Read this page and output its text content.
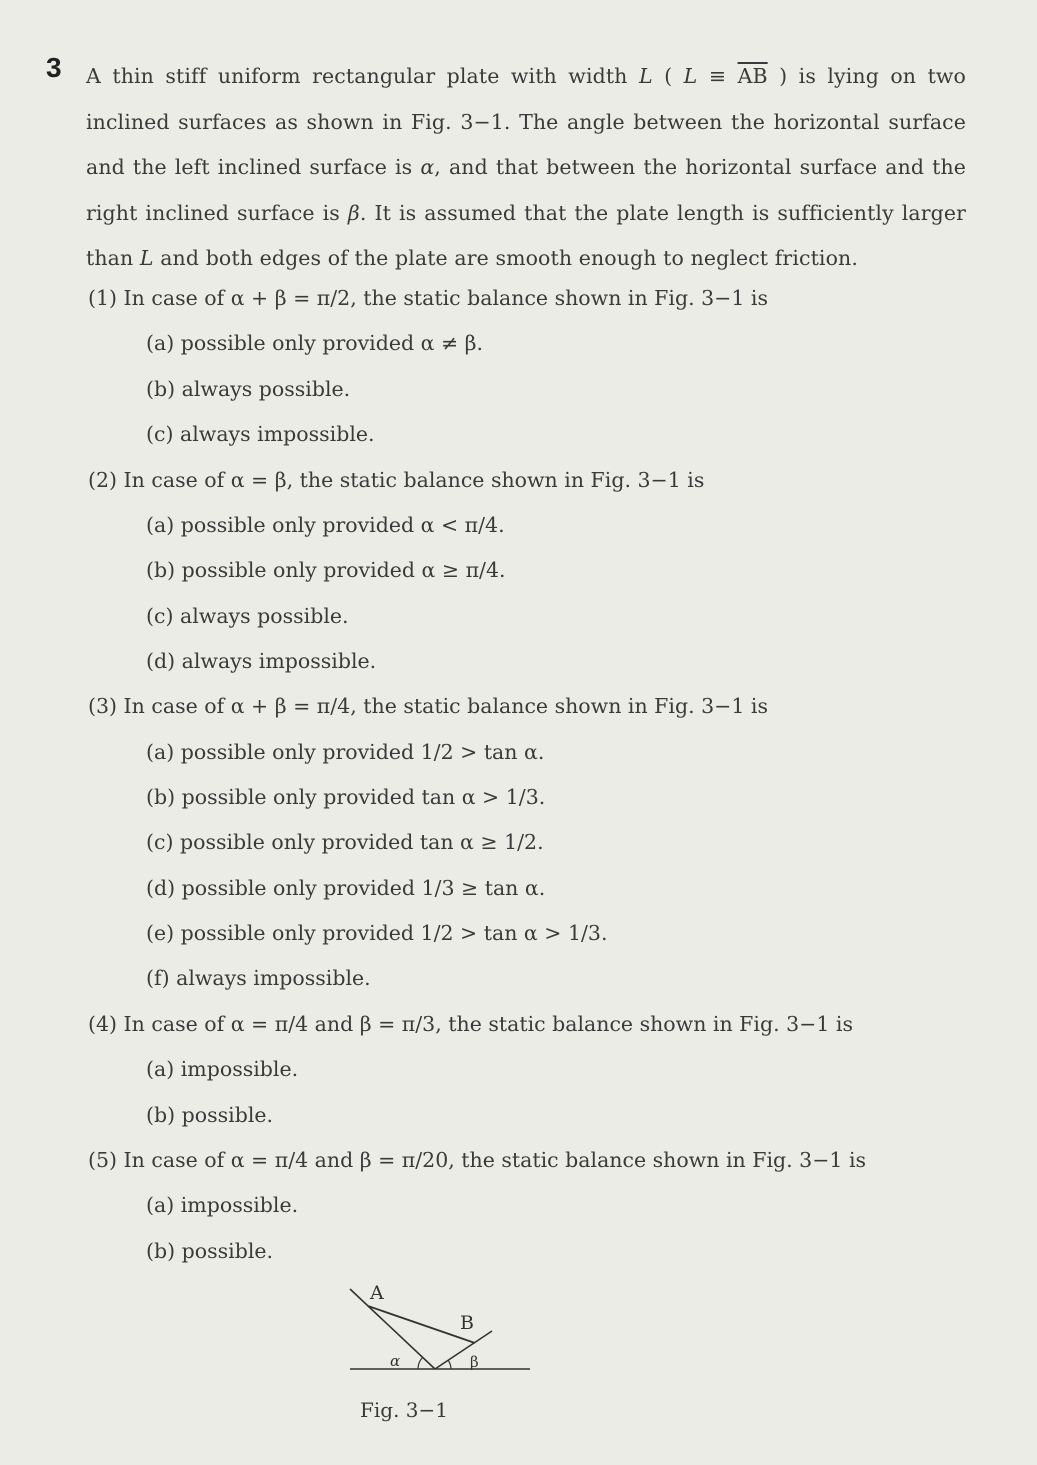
3 A thin stiff uniform rectangular plate with width L ( $L \equiv \overline{AB}$ ) is lying on two inclined surfaces as shown in Fig. 3−1. The angle between the horizontal surface and the left inclined surface is α, and that between the horizontal surface and the right inclined surface is β. It is assumed that the plate length is sufficiently larger than L and both edges of the plate are smooth enough to neglect friction.
(1) In case of α + β = π/2, the static balance shown in Fig. 3−1 is
(a) possible only provided α ≠ β.
(b) always possible.
(c) always impossible.
(2) In case of α = β, the static balance shown in Fig. 3−1 is
(a) possible only provided α < π/4.
(b) possible only provided α ≥ π/4.
(c) always possible.
(d) always impossible.
(3) In case of α + β = π/4, the static balance shown in Fig. 3−1 is
(a) possible only provided 1/2 > tan α.
(b) possible only provided tan α > 1/3.
(c) possible only provided tan α ≥ 1/2.
(d) possible only provided 1/3 ≥ tan α.
(e) possible only provided 1/2 > tan α > 1/3.
(f) always impossible.
(4) In case of α = π/4 and β = π/3, the static balance shown in Fig. 3−1 is
(a) impossible.
(b) possible.
(5) In case of α = π/4 and β = π/20, the static balance shown in Fig. 3−1 is
(a) impossible.
(b) possible.
A
B
α	β
Fig. 3−1
